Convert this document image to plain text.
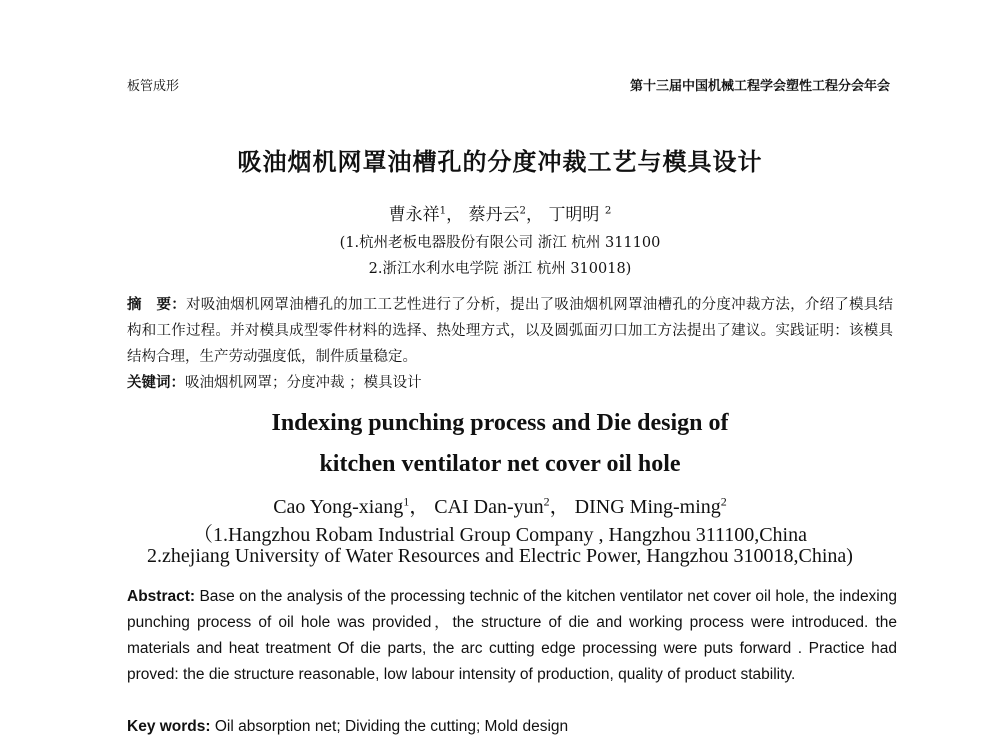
板管成形	第十三届中国机械工程学会塑性工程分会年会
吸油烟机网罩油槽孔的分度冲裁工艺与模具设计
曹永祥$^1$， 蔡丹云$^2$， 丁明明 $^2$
(1.杭州老板电器股份有限公司 浙江 杭州 311100
2.浙江水利水电学院 浙江 杭州 310018)
摘　要：对吸油烟机网罩油槽孔的加工工艺性进行了分析，提出了吸油烟机网罩油槽孔的分度冲裁方法，介绍了模具结构和工作过程。并对模具成型零件材料的选择、热处理方式，以及圆弧面刃口加工方法提出了建议。实践证明：该模具结构合理，生产劳动强度低，制件质量稳定。
关键词：吸油烟机网罩；分度冲裁 ；模具设计
Indexing punching process and Die design of
kitchen ventilator net cover oil hole
Cao Yong-xiang$^1$， CAI Dan-yun$^2$， DING Ming-ming$^2$
（1.Hangzhou Robam Industrial Group Company , Hangzhou 311100,China
2.zhejiang University of Water Resources and Electric Power, Hangzhou 310018,China)
Abstract: Base on the analysis of the processing technic of the kitchen ventilator net cover oil hole, the indexing punching process of oil hole was provided，the structure of die and working process were introduced. the materials and heat treatment Of die parts, the arc cutting edge processing were puts forward . Practice had proved: the die structure reasonable, low labour intensity of production, quality of product stability.
Key words: Oil absorption net; Dividing the cutting; Mold design
